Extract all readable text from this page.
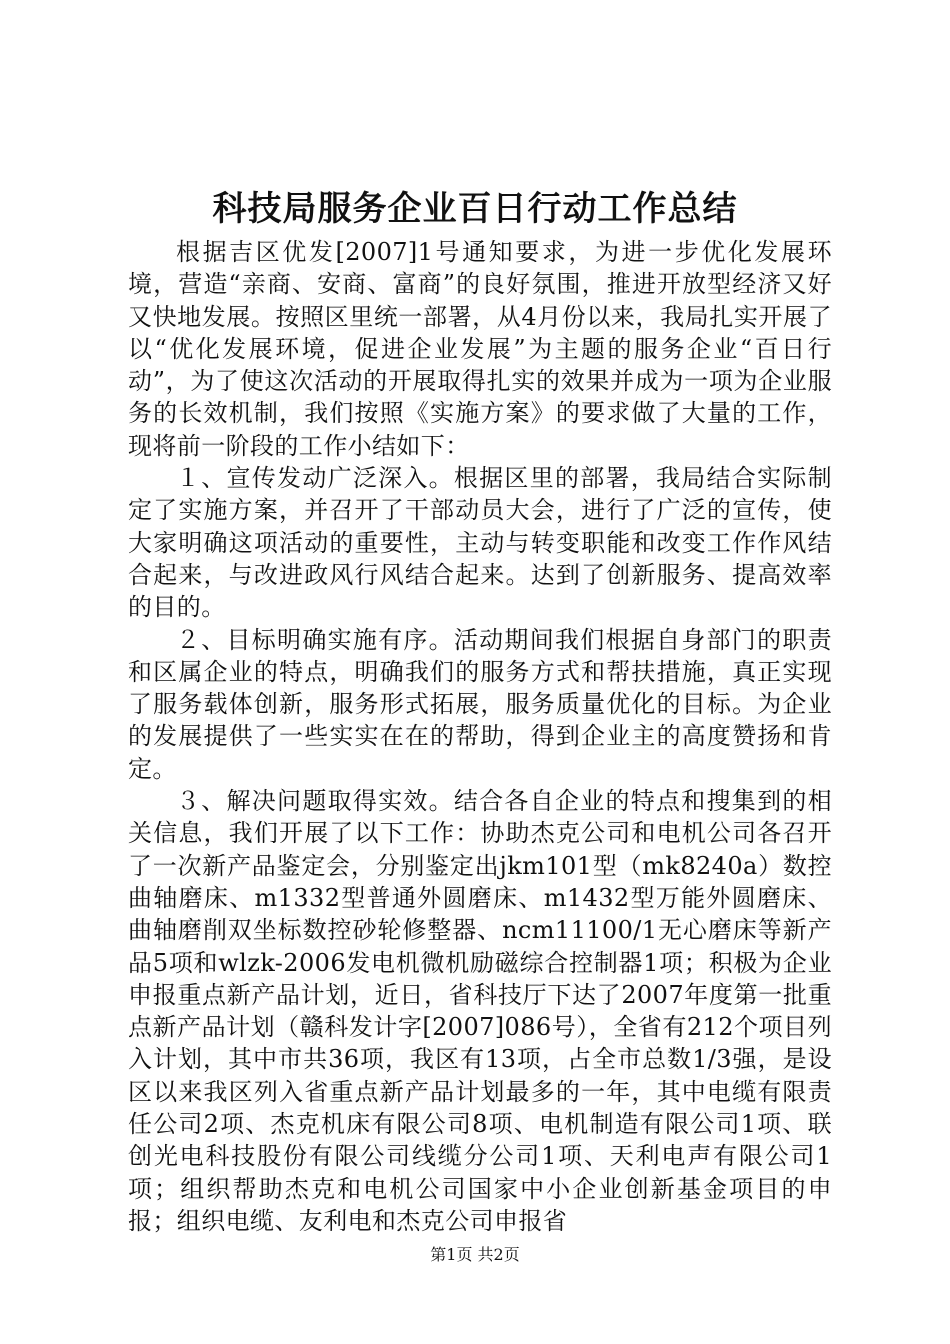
科技局服务企业百日行动工作总结

根据吉区优发[2007]1号通知要求，为进一步优化发展环境，营造“亲商、安商、富商”的良好氛围，推进开放型经济又好又快地发展。按照区里统一部署，从4月份以来，我局扎实开展了以“优化发展环境，促进企业发展”为主题的服务企业“百日行动”，为了使这次活动的开展取得扎实的效果并成为一项为企业服务的长效机制，我们按照《实施方案》的要求做了大量的工作，现将前一阶段的工作小结如下：

１、宣传发动广泛深入。根据区里的部署，我局结合实际制定了实施方案，并召开了干部动员大会，进行了广泛的宣传，使大家明确这项活动的重要性，主动与转变职能和改变工作作风结合起来，与改进政风行风结合起来。达到了创新服务、提高效率的目的。

２、目标明确实施有序。活动期间我们根据自身部门的职责和区属企业的特点，明确我们的服务方式和帮扶措施，真正实现了服务载体创新，服务形式拓展，服务质量优化的目标。为企业的发展提供了一些实实在在的帮助，得到企业主的高度赞扬和肯定。

３、解决问题取得实效。结合各自企业的特点和搜集到的相关信息，我们开展了以下工作：协助杰克公司和电机公司各召开了一次新产品鉴定会，分别鉴定出jkm101型（mk8240a）数控曲轴磨床、m1332型普通外圆磨床、m1432型万能外圆磨床、曲轴磨削双坐标数控砂轮修整器、ncm11100/1无心磨床等新产品5项和wlzk-2006发电机微机励磁综合控制器1项；积极为企业申报重点新产品计划，近日，省科技厅下达了2007年度第一批重点新产品计划（赣科发计字[2007]086号），全省有212个项目列入计划，其中市共36项，我区有13项，占全市总数1/3强，是设区以来我区列入省重点新产品计划最多的一年，其中电缆有限责任公司2项、杰克机床有限公司8项、电机制造有限公司1项、联创光电科技股份有限公司线缆分公司1项、天利电声有限公司1项；组织帮助杰克和电机公司国家中小企业创新基金项目的申报；组织电缆、友利电和杰克公司申报省

第1页 共2页
